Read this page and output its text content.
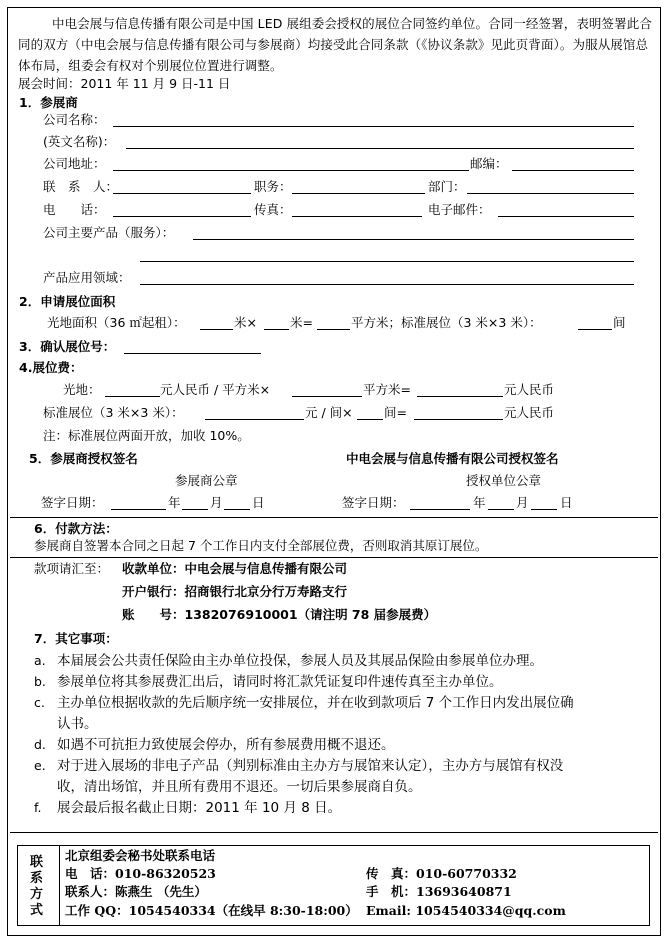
中电会展与信息传播有限公司是中国 LED 展组委会授权的展位合同签约单位。合同一经签署，表明签署此合同的双方（中电会展与信息传播有限公司与参展商）均接受此合同条款（《协议条款》见此页背面）。为服从展馆总体布局，组委会有权对个别展位位置进行调整。
展会时间：2011 年 11 月 9 日-11 日
1．参展商
公司名称：
(英文名称)：
公司地址：	邮编：
联　系　人：	职务：	部门：
电　　话：	传真：	电子邮件：
公司主要产品（服务）：
产品应用领域：
2．申请展位面积
光地面积（36 ㎡起租）：	米×	米=	平方米；标准展位（3 米×3 米）：	间
3．确认展位号：
4.展位费：
光地：	元人民币 / 平方米×	平方米=	元人民币
标准展位（3 米×3 米）：	元 / 间×	间=	元人民币
注：标准展位两面开放，加收 10%。
5．参展商授权签名	中电会展与信息传播有限公司授权签名
参展商公章	授权单位公章
签字日期：	年 月 日	签字日期：	年 月	日
6．付款方法：
参展商自签署本合同之日起 7 个工作日内支付全部展位费，否则取消其原订展位。
款项请汇至： 收款单位：中电会展与信息传播有限公司
开户银行：招商银行北京分行万寿路支行
账　　号：1382076910001（请注明 78 届参展费）
7．其它事项：
a. 本届展会公共责任保险由主办单位投保，参展人员及其展品保险由参展单位办理。
b. 参展单位将其参展费汇出后，请同时将汇款凭证复印件速传真至主办单位。
c. 主办单位根据收款的先后顺序统一安排展位，并在收到款项后 7 个工作日内发出展位确
认书。
d. 如遇不可抗拒力致使展会停办，所有参展费用概不退还。
e. 对于进入展场的非电子产品（判别标准由主办方与展馆来认定），主办方与展馆有权没
收，清出场馆，并且所有费用不退还。一切后果参展商自负。
f. 展会最后报名截止日期：2011 年 10 月 8 日。
联
系
方
式
北京组委会秘书处联系电话
电　话：010-86320523	传　真：010-60770332
联系人：陈燕生 （先生）	手　机：13693640871
工作 QQ：1054540334（在线早 8:30-18:00） Email: 1054540334@qq.com
